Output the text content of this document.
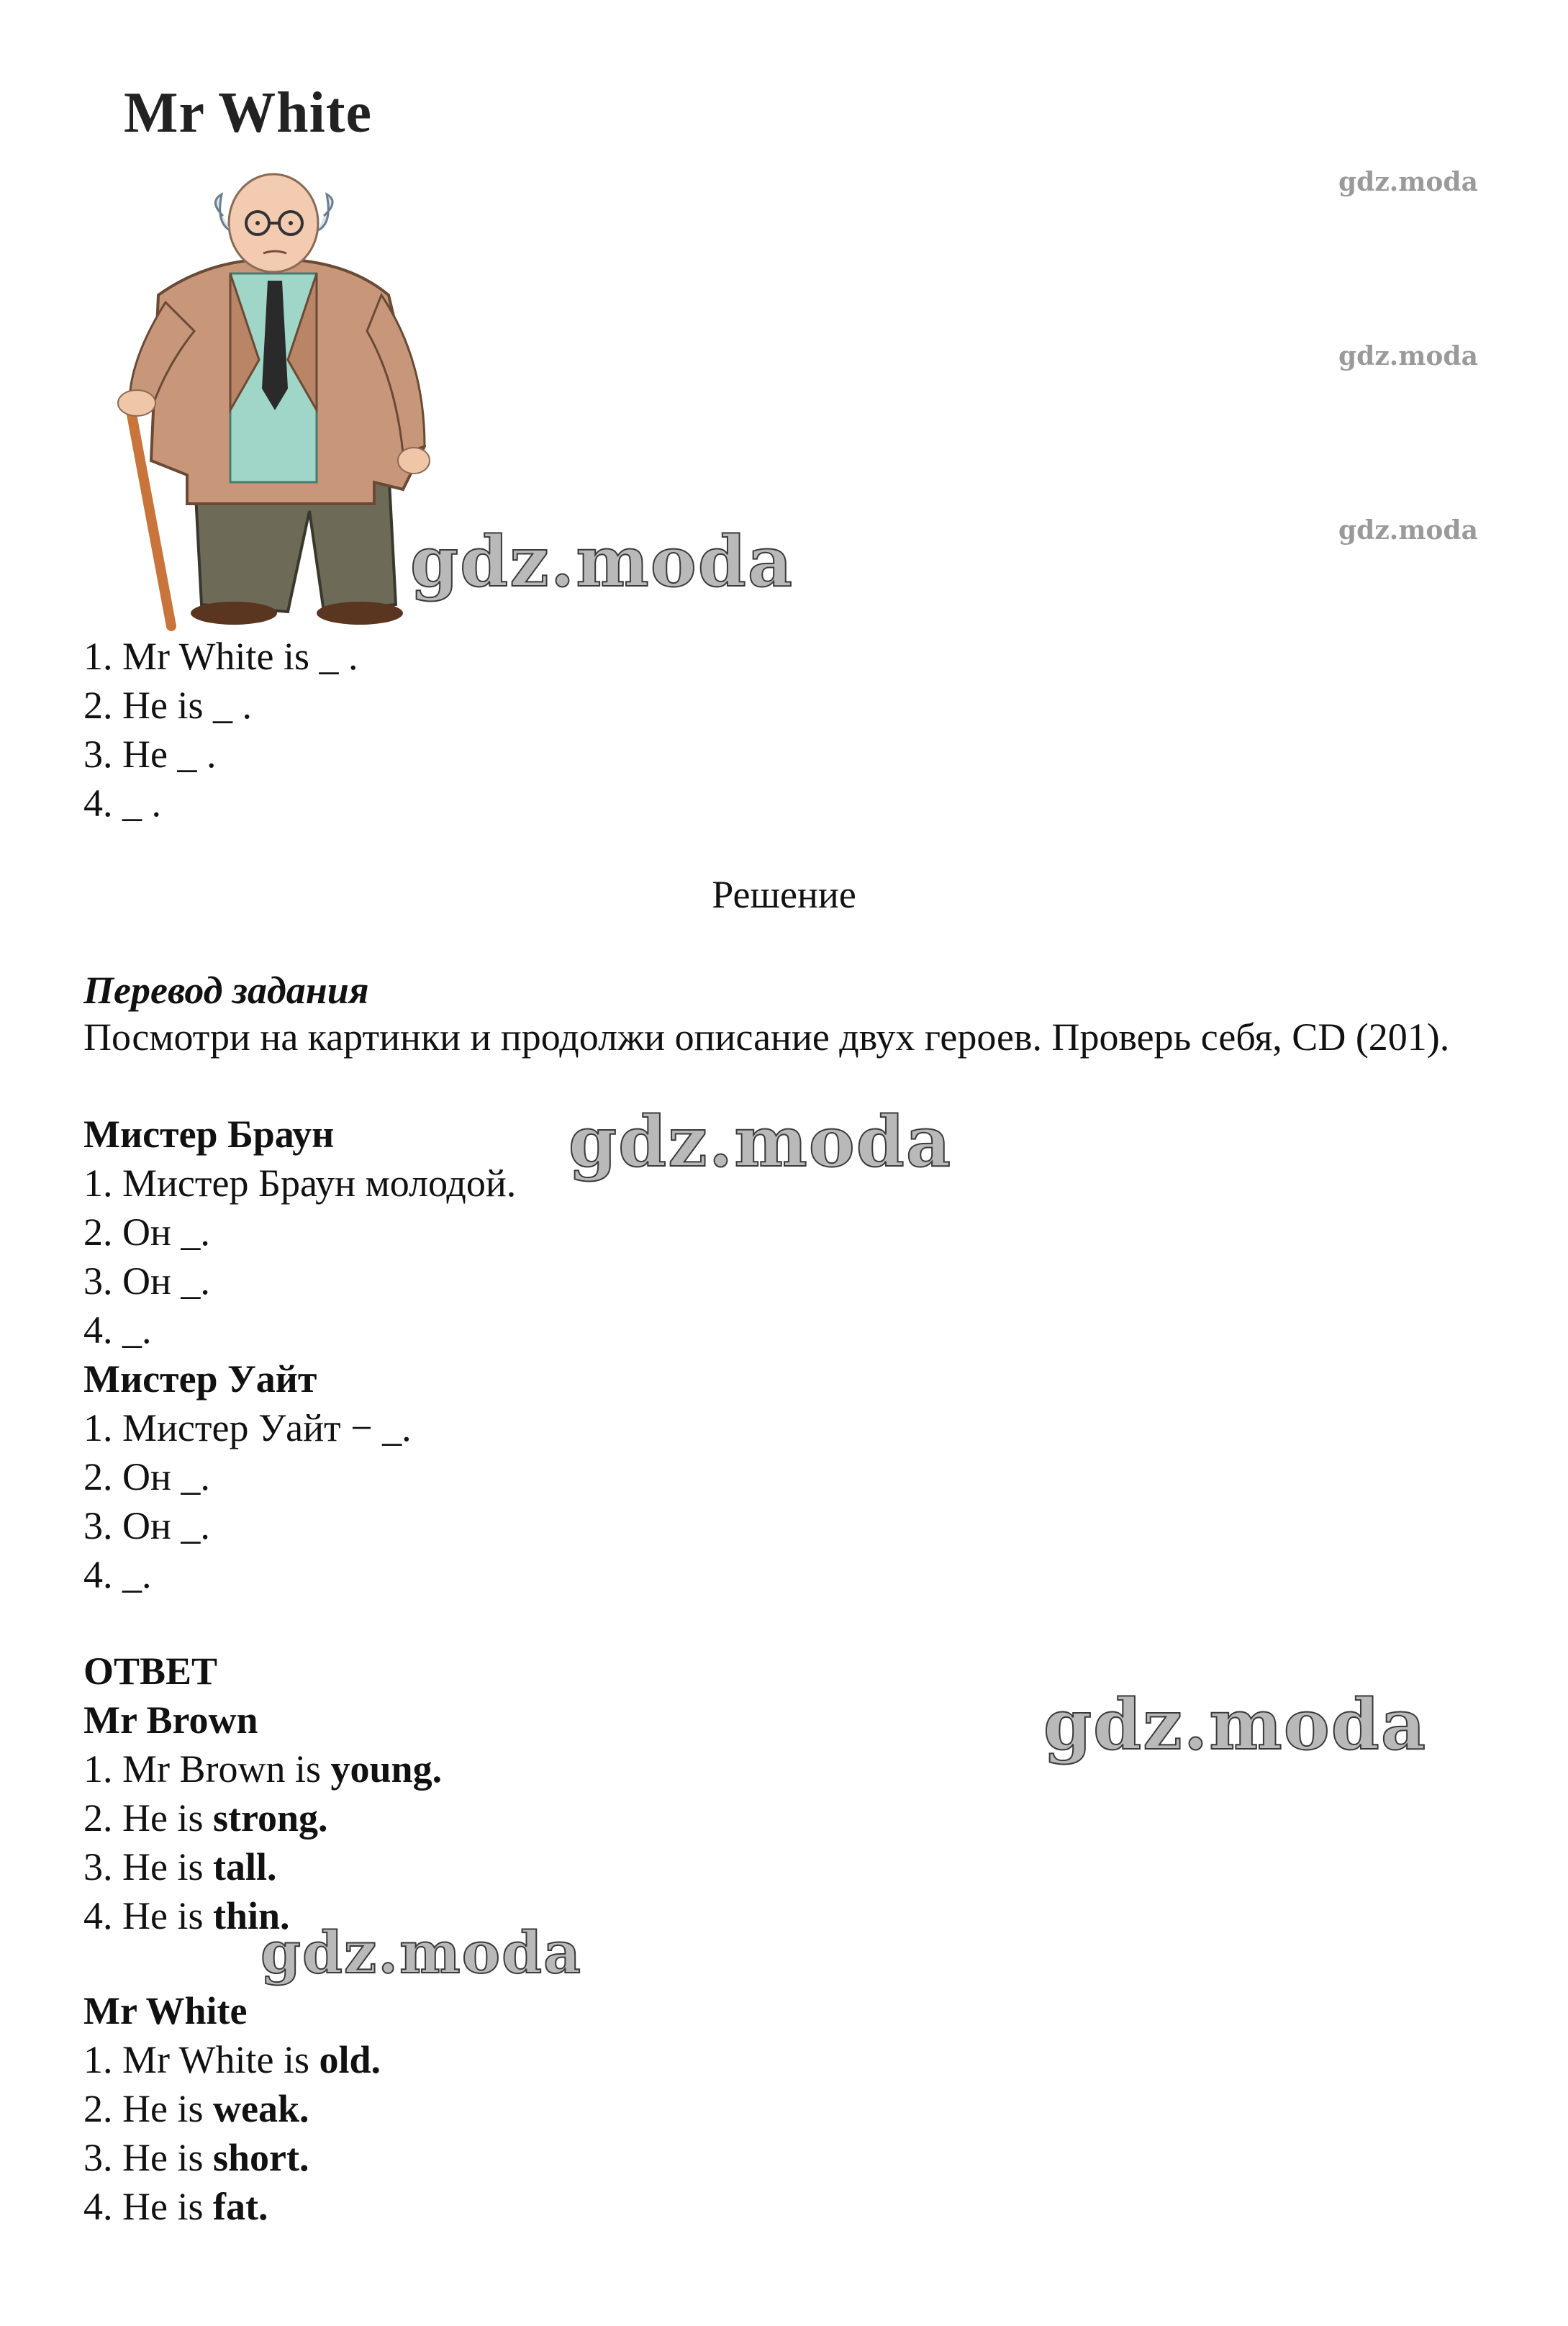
Mr White
gdz.moda
gdz.moda
gdz.moda
gdz.moda
1. Mr White is _ .
2. He is _ .
3. He _ .
4. _ .
Решение
Перевод задания
Посмотри на картинки и продолжи описание двух героев. Проверь себя, CD (201).
Мистер Браун
1. Мистер Браун молодой.
2. Он _.
3. Он _.
4. _.
gdz.moda
Мистер Уайт
1. Мистер Уайт − _.
2. Он _.
3. Он _.
4. _.
ОТВЕТ
Mr Brown	gdz.moda
1. Mr Brown is young.
2. He is strong.
3. He is tall.
4. He is thin.
gdz.moda
Mr White
1. Mr White is old.
2. He is weak.
3. He is short.
4. He is fat.
